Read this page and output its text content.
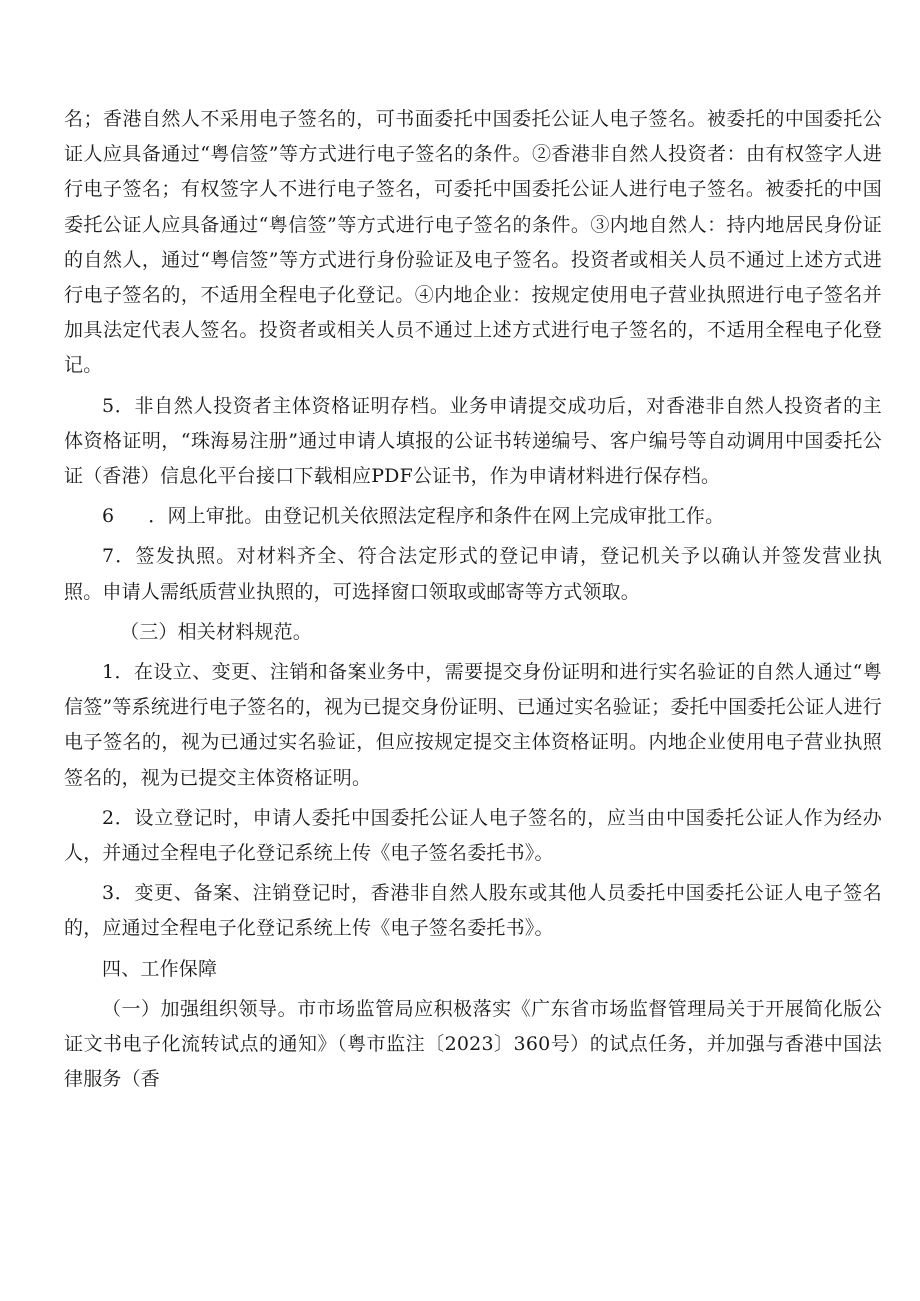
名；香港自然人不采用电子签名的，可书面委托中国委托公证人电子签名。被委托的中国委托公证人应具备通过“粤信签”等方式进行电子签名的条件。②香港非自然人投资者：由有权签字人进行电子签名；有权签字人不进行电子签名，可委托中国委托公证人进行电子签名。被委托的中国委托公证人应具备通过“粤信签”等方式进行电子签名的条件。③内地自然人：持内地居民身份证的自然人，通过“粤信签”等方式进行身份验证及电子签名。投资者或相关人员不通过上述方式进行电子签名的，不适用全程电子化登记。④内地企业：按规定使用电子营业执照进行电子签名并加具法定代表人签名。投资者或相关人员不通过上述方式进行电子签名的，不适用全程电子化登记。

5．非自然人投资者主体资格证明存档。业务申请提交成功后，对香港非自然人投资者的主体资格证明，“珠海易注册”通过申请人填报的公证书转递编号、客户编号等自动调用中国委托公证（香港）信息化平台接口下载相应PDF公证书，作为申请材料进行保存档。

6 ．网上审批。由登记机关依照法定程序和条件在网上完成审批工作。

7．签发执照。对材料齐全、符合法定形式的登记申请，登记机关予以确认并签发营业执照。申请人需纸质营业执照的，可选择窗口领取或邮寄等方式领取。

（三）相关材料规范。

1．在设立、变更、注销和备案业务中，需要提交身份证明和进行实名验证的自然人通过“粤信签”等系统进行电子签名的，视为已提交身份证明、已通过实名验证；委托中国委托公证人进行电子签名的，视为已通过实名验证，但应按规定提交主体资格证明。内地企业使用电子营业执照签名的，视为已提交主体资格证明。

2．设立登记时，申请人委托中国委托公证人电子签名的，应当由中国委托公证人作为经办人，并通过全程电子化登记系统上传《电子签名委托书》。

3．变更、备案、注销登记时，香港非自然人股东或其他人员委托中国委托公证人电子签名的，应通过全程电子化登记系统上传《电子签名委托书》。

四、工作保障

（一）加强组织领导。市市场监管局应积极落实《广东省市场监督管理局关于开展简化版公证文书电子化流转试点的通知》（粤市监注〔2023〕360号）的试点任务，并加强与香港中国法律服务（香
